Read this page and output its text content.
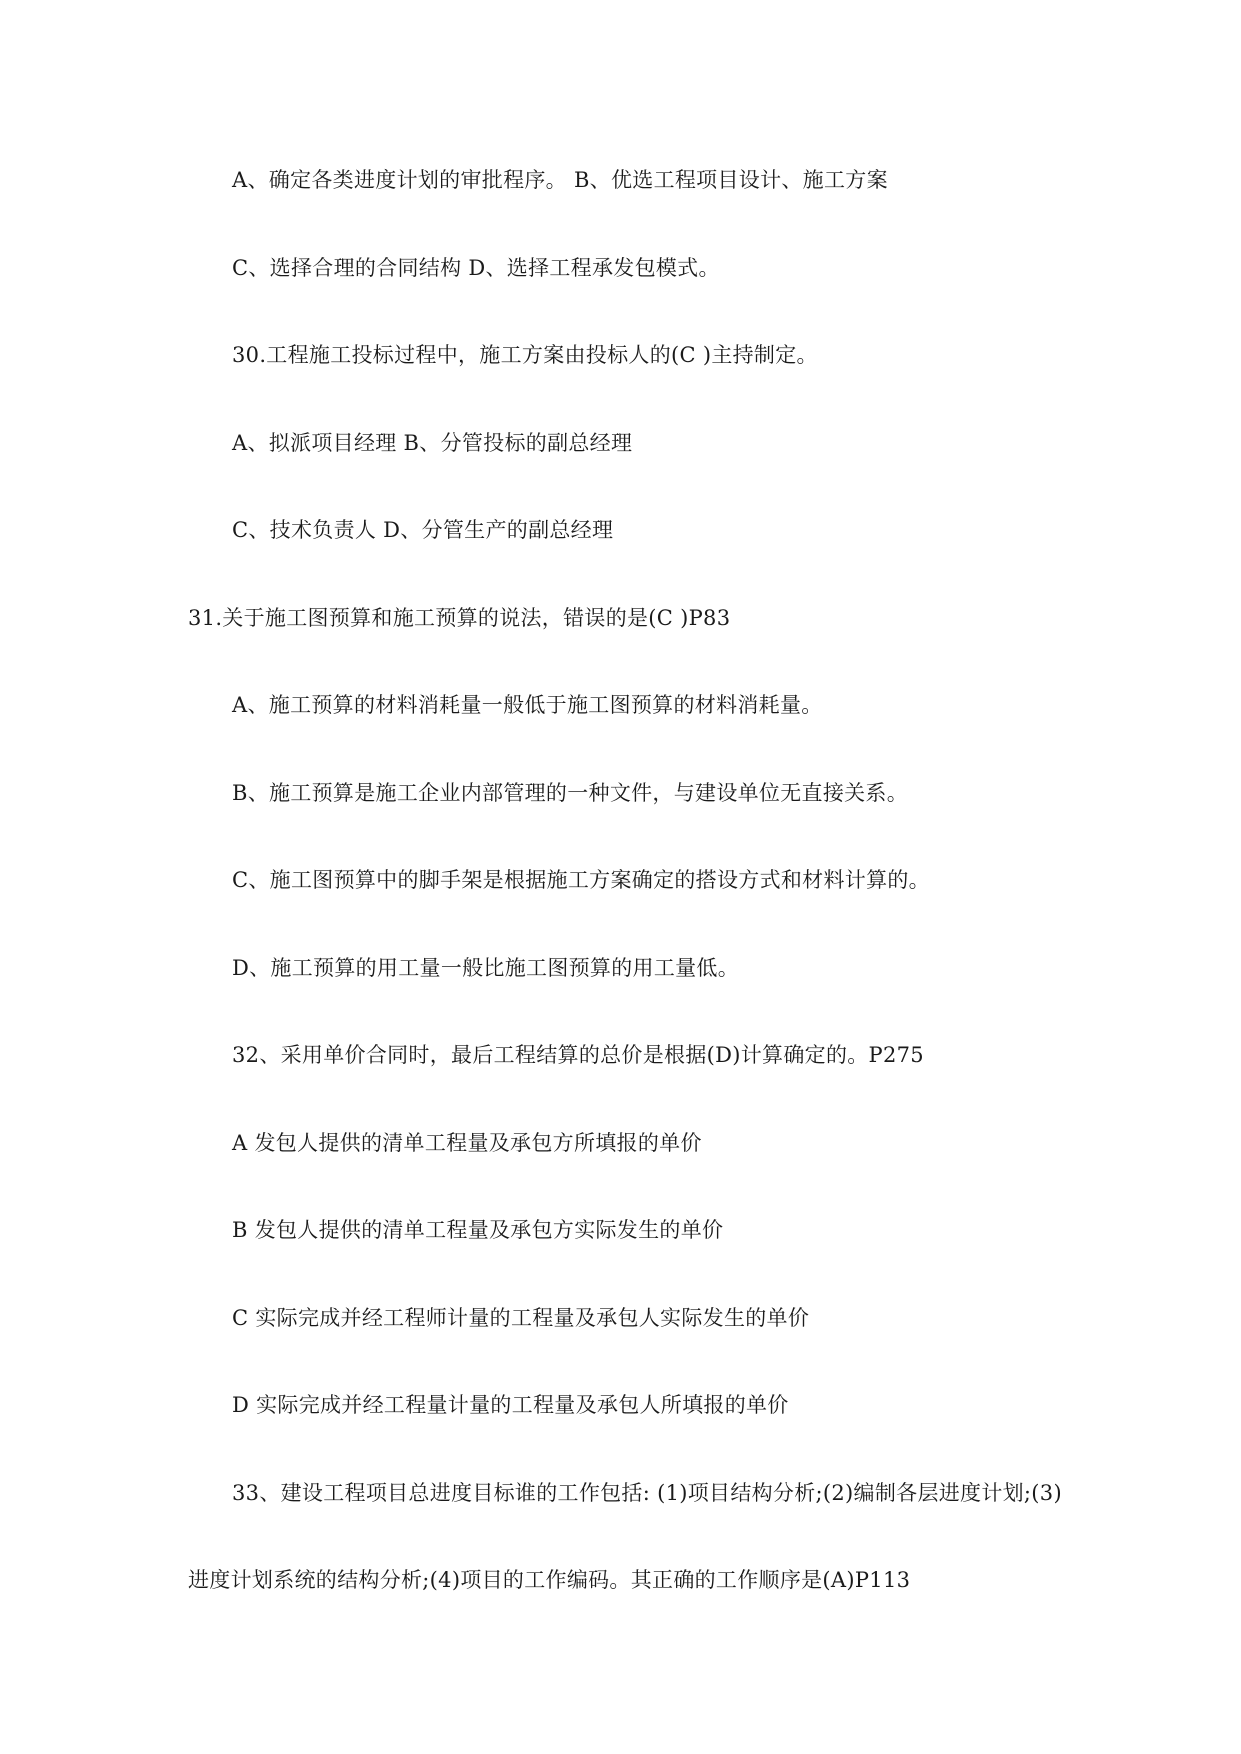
A、确定各类进度计划的审批程序。 B、优选工程项目设计、施工方案
C、选择合理的合同结构 D、选择工程承发包模式。
30.工程施工投标过程中，施工方案由投标人的(C )主持制定。
A、拟派项目经理 B、分管投标的副总经理
C、技术负责人 D、分管生产的副总经理
31.关于施工图预算和施工预算的说法，错误的是(C )P83
A、施工预算的材料消耗量一般低于施工图预算的材料消耗量。
B、施工预算是施工企业内部管理的一种文件，与建设单位无直接关系。
C、施工图预算中的脚手架是根据施工方案确定的搭设方式和材料计算的。
D、施工预算的用工量一般比施工图预算的用工量低。
32、采用单价合同时，最后工程结算的总价是根据(D)计算确定的。P275
A 发包人提供的清单工程量及承包方所填报的单价
B 发包人提供的清单工程量及承包方实际发生的单价
C 实际完成并经工程师计量的工程量及承包人实际发生的单价
D 实际完成并经工程量计量的工程量及承包人所填报的单价
33、建设工程项目总进度目标谁的工作包括: (1)项目结构分析;(2)编制各层进度计划;(3)
进度计划系统的结构分析;(4)项目的工作编码。其正确的工作顺序是(A)P113
